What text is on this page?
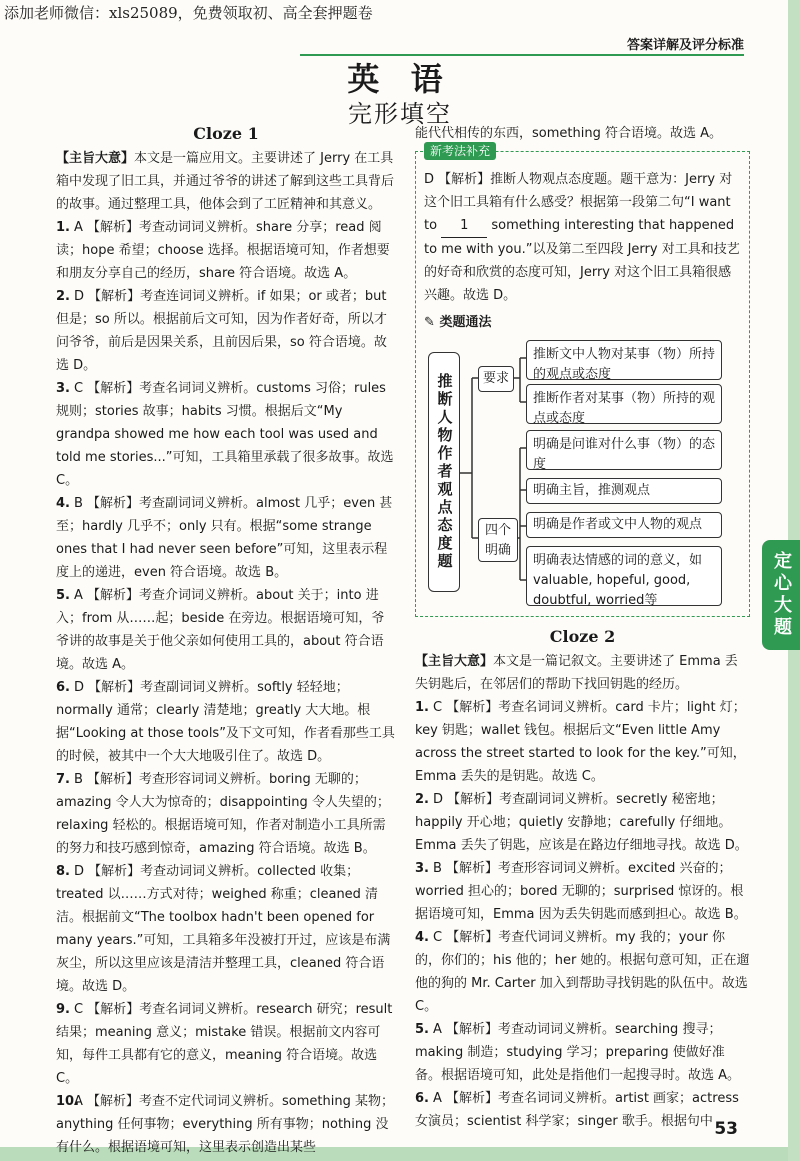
添加老师微信：xls25089，免费领取初、高全套押题卷
答案详解及评分标准
英 语
完形填空
定心大题
53
Cloze 1

【主旨大意】本文是一篇应用文。主要讲述了 Jerry 在工具箱中发现了旧工具，并通过爷爷的讲述了解到这些工具背后的故事。通过整理工具，他体会到了工匠精神和其意义。

1. A 【解析】考查动词词义辨析。share 分享；read 阅读；hope 希望；choose 选择。根据语境可知，作者想要和朋友分享自己的经历，share 符合语境。故选 A。

2. D 【解析】考查连词词义辨析。if 如果；or 或者；but 但是；so 所以。根据前后文可知，因为作者好奇，所以才问爷爷，前后是因果关系，且前因后果，so 符合语境。故选 D。

3. C 【解析】考查名词词义辨析。customs 习俗；rules 规则；stories 故事；habits 习惯。根据后文“My grandpa showed me how each tool was used and told me stories...”可知，工具箱里承载了很多故事。故选 C。

4. B 【解析】考查副词词义辨析。almost 几乎；even 甚至；hardly 几乎不；only 只有。根据“some strange ones that I had never seen before”可知，这里表示程度上的递进，even 符合语境。故选 B。

5. A 【解析】考查介词词义辨析。about 关于；into 进入；from 从……起；beside 在旁边。根据语境可知，爷爷讲的故事是关于他父亲如何使用工具的，about 符合语境。故选 A。

6. D 【解析】考查副词词义辨析。softly 轻轻地；normally 通常；clearly 清楚地；greatly 大大地。根据“Looking at those tools”及下文可知，作者看那些工具的时候，被其中一个大大地吸引住了。故选 D。

7. B 【解析】考查形容词词义辨析。boring 无聊的；amazing 令人大为惊奇的；disappointing 令人失望的；relaxing 轻松的。根据语境可知，作者对制造小工具所需的努力和技巧感到惊奇，amazing 符合语境。故选 B。

8. D 【解析】考查动词词义辨析。collected 收集；treated 以……方式对待；weighed 称重；cleaned 清洁。根据前文“The toolbox hadn't been opened for many years.”可知，工具箱多年没被打开过，应该是布满灰尘，所以这里应该是清洁并整理工具，cleaned 符合语境。故选 D。

9. C 【解析】考查名词词义辨析。research 研究；result 结果；meaning 意义；mistake 错误。根据前文内容可知，每件工具都有它的意义，meaning 符合语境。故选 C。

10.A 【解析】考查不定代词词义辨析。something 某物；anything 任何事物；everything 所有事物；nothing 没有什么。根据语境可知，这里表示创造出某些

能代代相传的东西，something 符合语境。故选 A。

新考法补充

D 【解析】推断人物观点态度题。题干意为：Jerry 对这个旧工具箱有什么感受？根据第一段第二句“I want to 1 something interesting that happened to me with you.”以及第二至四段 Jerry 对工具和技艺的好奇和欣赏的态度可知，Jerry 对这个旧工具箱很感兴趣。故选 D。

✎ 类题通法
推断人物作者观点态度题	要求
四个明确
推断文中人物对某事（物）所持的观点或态度
推断作者对某事（物）所持的观点或态度
明确是问谁对什么事（物）的态度
明确主旨，推测观点
明确是作者或文中人物的观点
明确表达情感的词的意义，如valuable, hopeful, good, doubtful, worried等
Cloze 2

【主旨大意】本文是一篇记叙文。主要讲述了 Emma 丢失钥匙后，在邻居们的帮助下找回钥匙的经历。

1. C 【解析】考查名词词义辨析。card 卡片；light 灯；key 钥匙；wallet 钱包。根据后文“Even little Amy across the street started to look for the key.”可知，Emma 丢失的是钥匙。故选 C。

2. D 【解析】考查副词词义辨析。secretly 秘密地；happily 开心地；quietly 安静地；carefully 仔细地。Emma 丢失了钥匙，应该是在路边仔细地寻找。故选 D。

3. B 【解析】考查形容词词义辨析。excited 兴奋的；worried 担心的；bored 无聊的；surprised 惊讶的。根据语境可知，Emma 因为丢失钥匙而感到担心。故选 B。

4. C 【解析】考查代词词义辨析。my 我的；your 你的，你们的；his 他的；her 她的。根据句意可知，正在遛他的狗的 Mr. Carter 加入到帮助寻找钥匙的队伍中。故选 C。

5. A 【解析】考查动词词义辨析。searching 搜寻；making 制造；studying 学习；preparing 使做好准备。根据语境可知，此处是指他们一起搜寻时。故选 A。

6. A 【解析】考查名词词义辨析。artist 画家；actress 女演员；scientist 科学家；singer 歌手。根据句中
